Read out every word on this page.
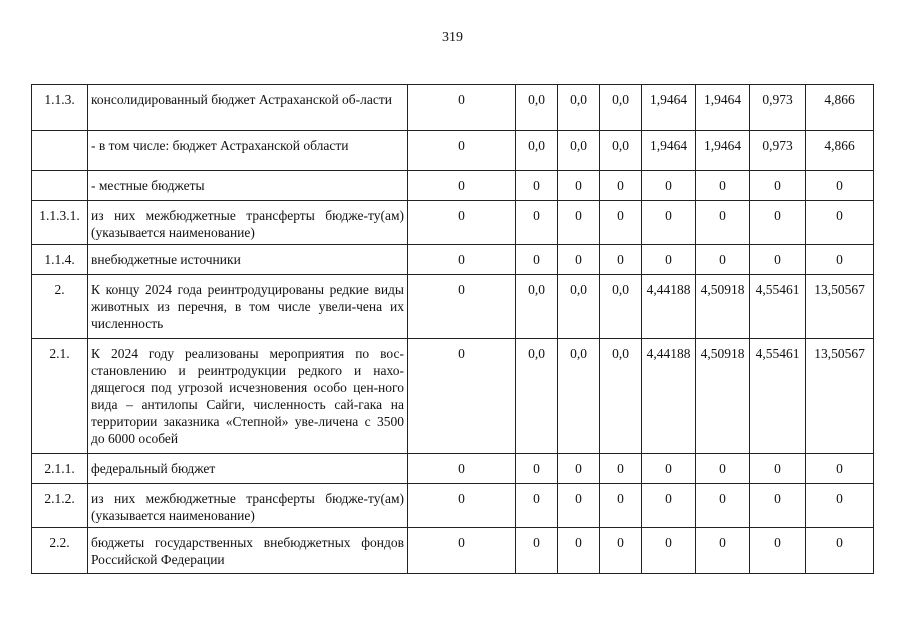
319
1.1.3.	консолидированный бюджет Астраханской об-ласти	0	0,0	0,0	0,0	1,9464	1,9464	0,973	4,866
	- в том числе: бюджет Астраханской области	0	0,0	0,0	0,0	1,9464	1,9464	0,973	4,866
	- местные бюджеты	0	0	0	0	0	0	0	0
1.1.3.1.	из них межбюджетные трансферты бюдже-ту(ам) (указывается наименование)	0	0	0	0	0	0	0	0
1.1.4.	внебюджетные источники	0	0	0	0	0	0	0	0
2.	К концу 2024 года реинтродуцированы редкие виды животных из перечня, в том числе увели-чена их численность	0	0,0	0,0	0,0	4,44188	4,50918	4,55461	13,50567
2.1.	К 2024 году реализованы мероприятия по вос-становлению и реинтродукции редкого и нахо-дящегося под угрозой исчезновения особо цен-ного вида – антилопы Сайги, численность сай-гака на территории заказника «Степной» уве-личена с 3500 до 6000 особей	0	0,0	0,0	0,0	4,44188	4,50918	4,55461	13,50567
2.1.1.	федеральный бюджет	0	0	0	0	0	0	0	0
2.1.2.	из них межбюджетные трансферты бюдже-ту(ам) (указывается наименование)	0	0	0	0	0	0	0	0
2.2.	бюджеты государственных внебюджетных фондов Российской Федерации	0	0	0	0	0	0	0	0
